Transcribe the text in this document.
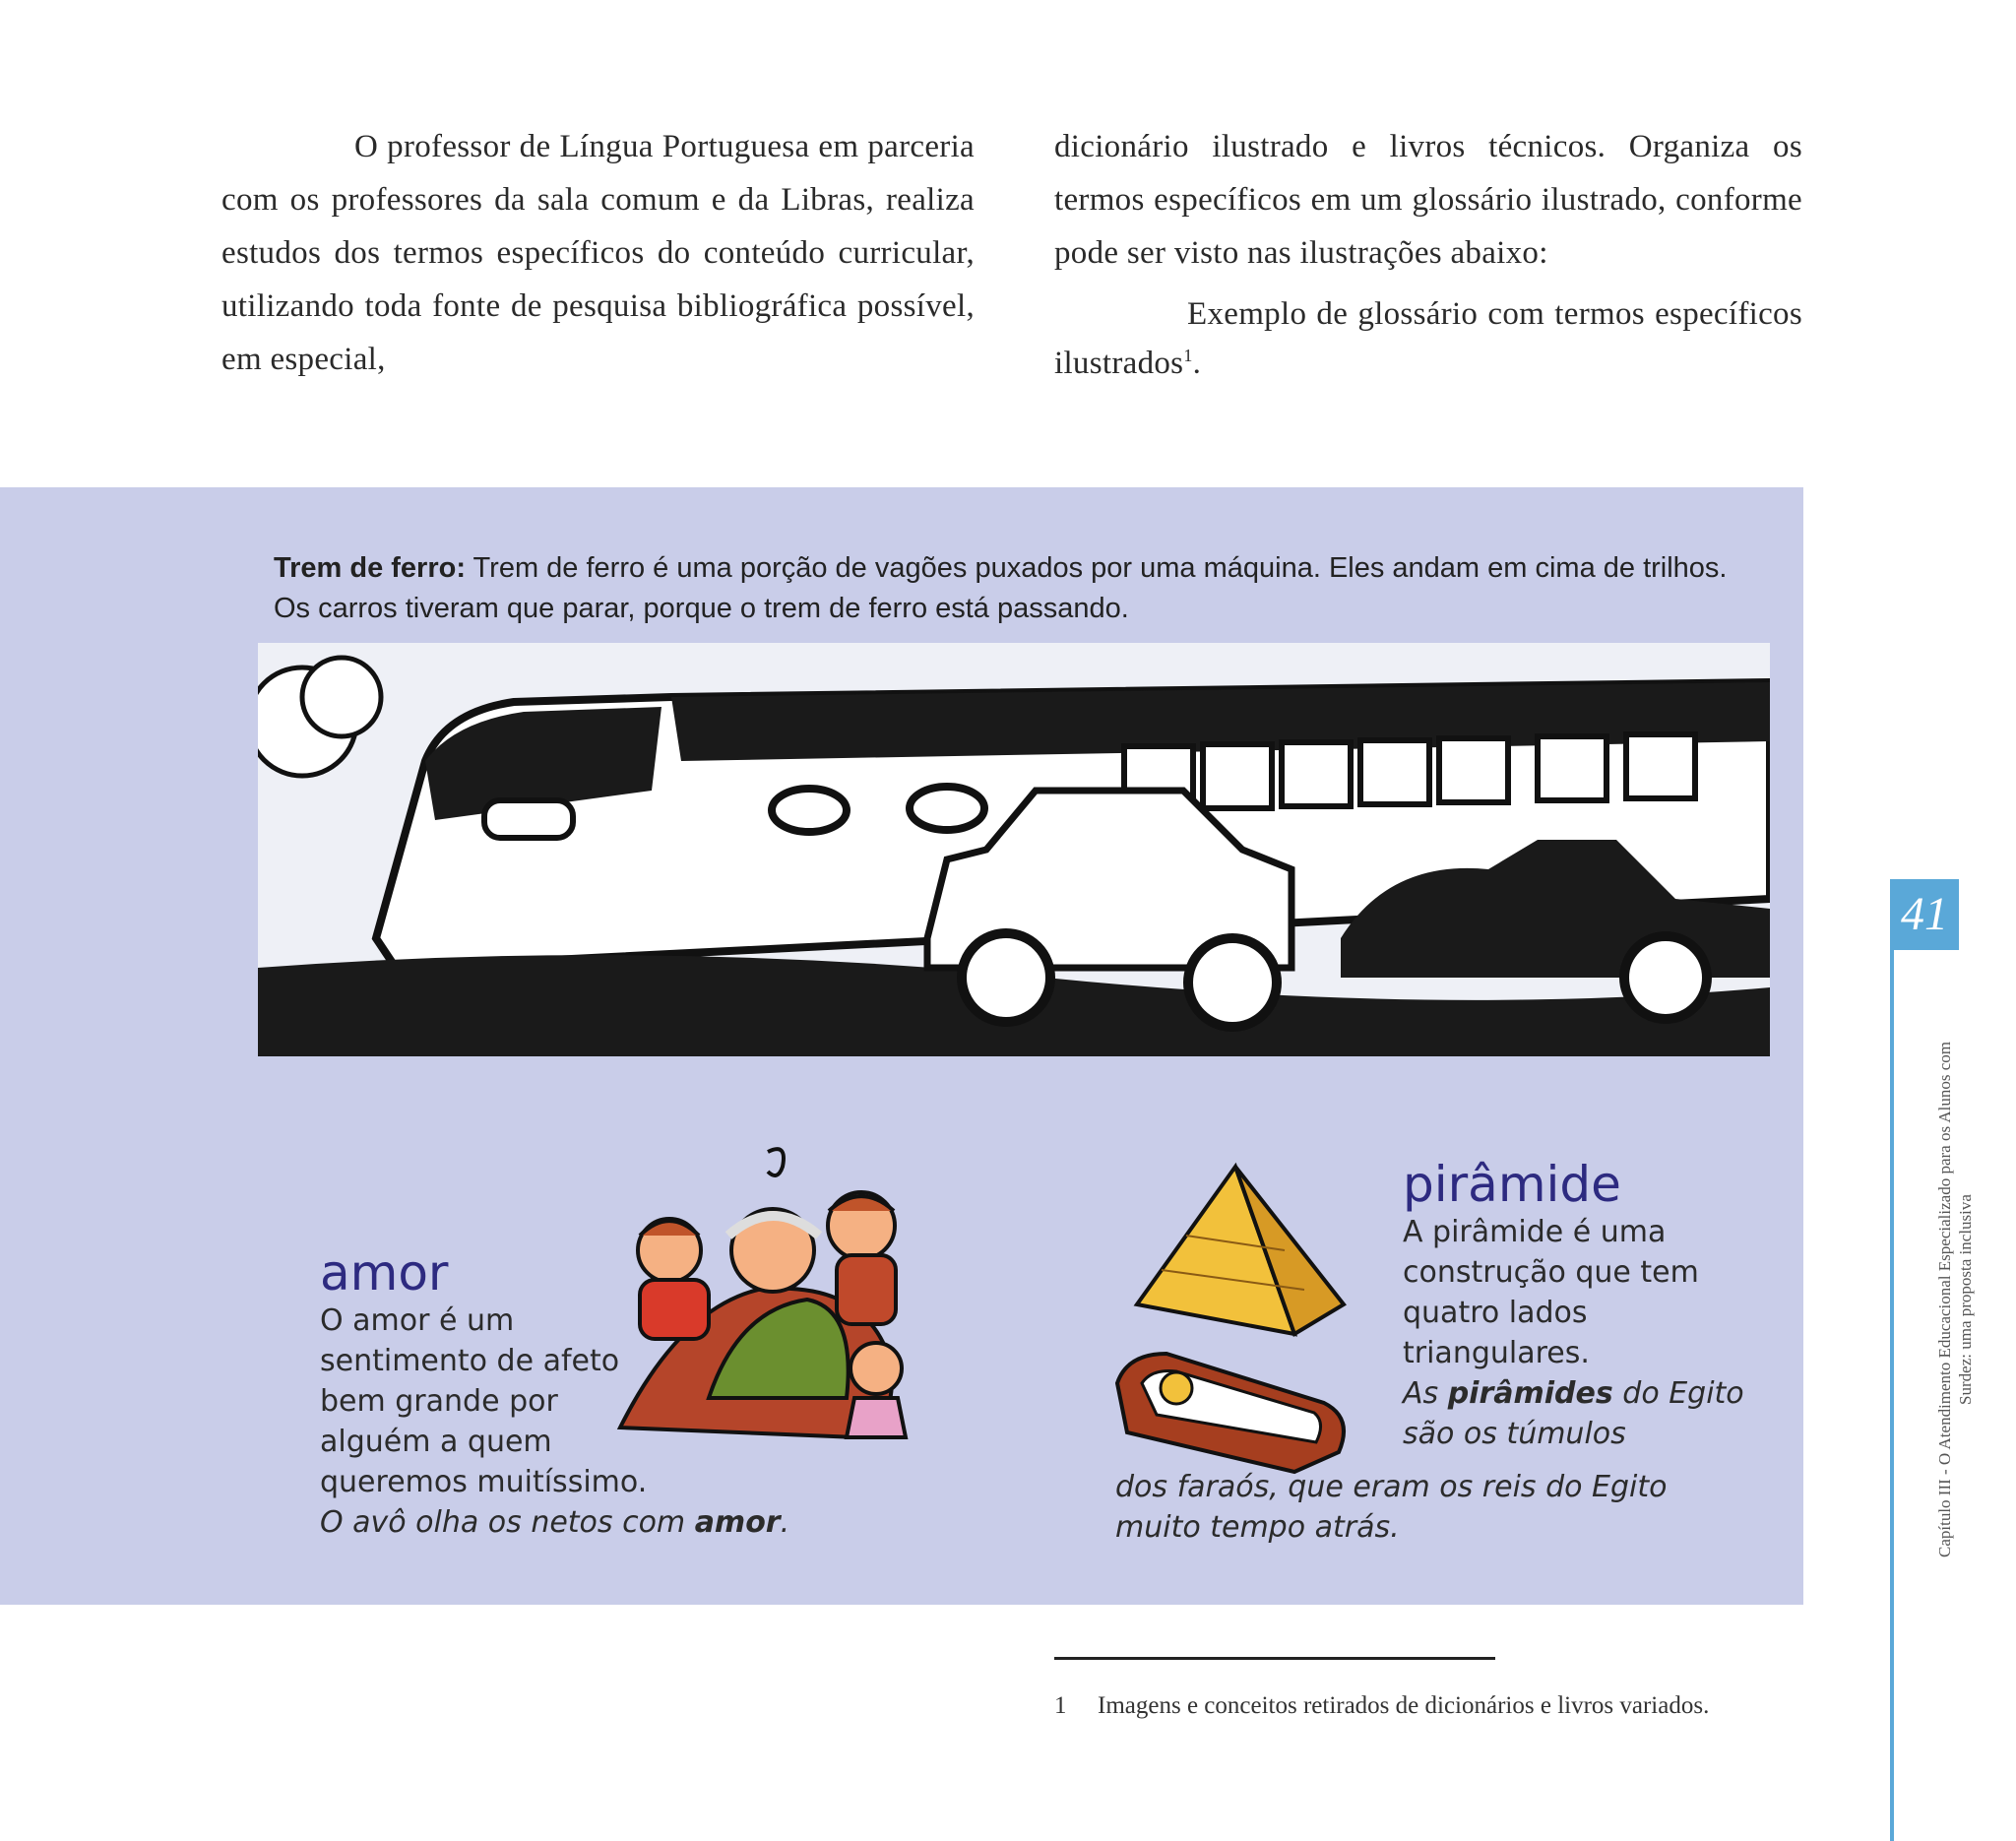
O professor de Língua Portuguesa em parceria com os professores da sala comum e da Libras, realiza estudos dos termos específicos do conteúdo curricular, utilizando toda fonte de pesquisa bibliográfica possível, em especial,

dicionário ilustrado e livros técnicos. Organiza os termos específicos em um glossário ilustrado, conforme pode ser visto nas ilustrações abaixo:

Exemplo de glossário com termos específicos ilustrados$^1$.

Trem de ferro: Trem de ferro é uma porção de vagões puxados por uma máquina. Eles andam em cima de trilhos. Os carros tiveram que parar, porque o trem de ferro está passando.

amor

O amor é um sentimento de afeto bem grande por alguém a quem queremos muitíssimo.

O avô olha os netos com amor.

pirâmide

A pirâmide é uma construção que tem quatro lados triangulares.

As pirâmides do Egito são os túmulos

dos faraós, que eram os reis do Egito muito tempo atrás.

41
Capítulo III - O Atendimento Educacional Especializado para os Alunos com Surdez: uma proposta inclusiva
1 Imagens e conceitos retirados de dicionários e livros variados.
